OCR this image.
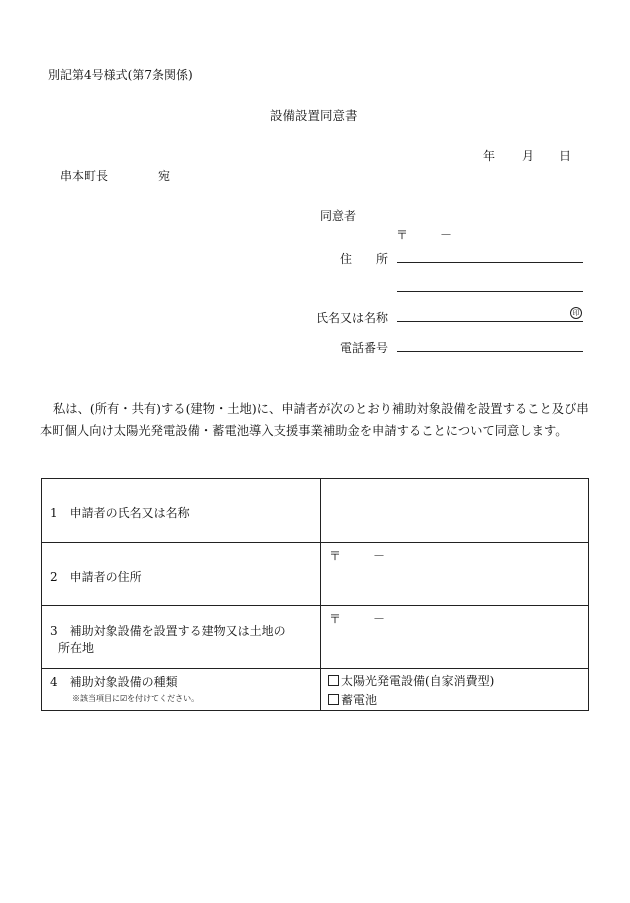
別記第4号様式(第7条関係)
設備設置同意書
年 月 日
串本町長	宛
同意者
〒	－
住　　所
氏名又は名称	印
電話番号
私は、(所有・共有)する(建物・土地)に、申請者が次のとおり補助対象設備を設置すること及び串本町個人向け太陽光発電設備・蓄電池導入支援事業補助金を申請することについて同意します。
1　申請者の氏名又は名称	

2　申請者の住所	〒 －

3　補助対象設備を設置する建物又は土地の
所在地	〒 －

4　補助対象設備の種類
※該当項目に☑を付けてください。	太陽光発電設備(自家消費型)
蓄電池
